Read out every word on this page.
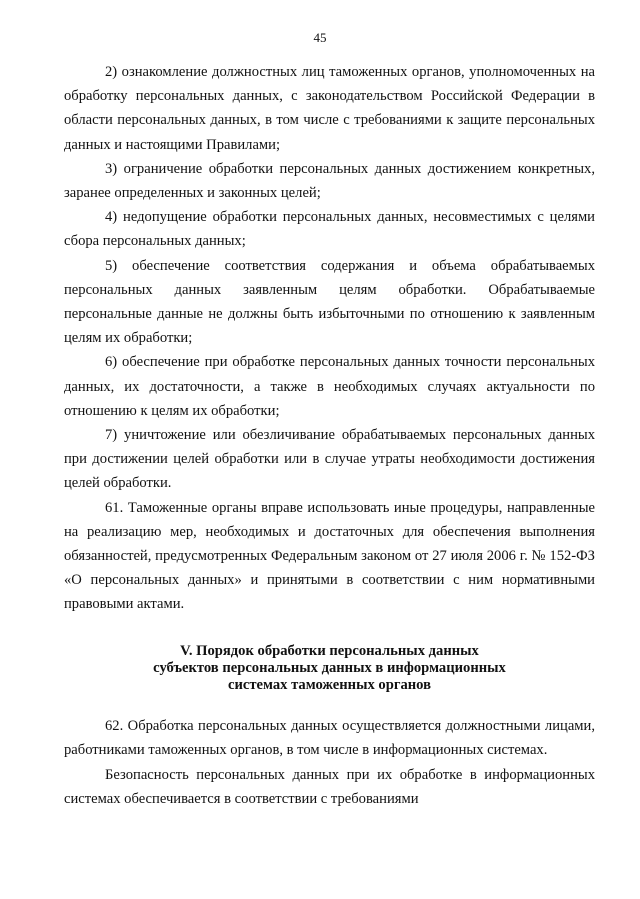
45

2) ознакомление должностных лиц таможенных органов, уполномоченных на обработку персональных данных, с законодательством Российской Федерации в области персональных данных, в том числе с требованиями к защите персональных данных и настоящими Правилами;

3) ограничение обработки персональных данных достижением конкретных, заранее определенных и законных целей;

4) недопущение обработки персональных данных, несовместимых с целями сбора персональных данных;

5) обеспечение соответствия содержания и объема обрабатываемых персональных данных заявленным целям обработки. Обрабатываемые персональные данные не должны быть избыточными по отношению к заявленным целям их обработки;

6) обеспечение при обработке персональных данных точности персональных данных, их достаточности, а также в необходимых случаях актуальности по отношению к целям их обработки;

7) уничтожение или обезличивание обрабатываемых персональных данных при достижении целей обработки или в случае утраты необходимости достижения целей обработки.

61. Таможенные органы вправе использовать иные процедуры, направленные на реализацию мер, необходимых и достаточных для обеспечения выполнения обязанностей, предусмотренных Федеральным законом от 27 июля 2006 г. № 152-ФЗ «О персональных данных» и принятыми в соответствии с ним нормативными правовыми актами.

V. Порядок обработки персональных данных
субъектов персональных данных в информационных
системах таможенных органов

62. Обработка персональных данных осуществляется должностными лицами, работниками таможенных органов, в том числе в информационных системах.

Безопасность персональных данных при их обработке в информационных системах обеспечивается в соответствии с требованиями
